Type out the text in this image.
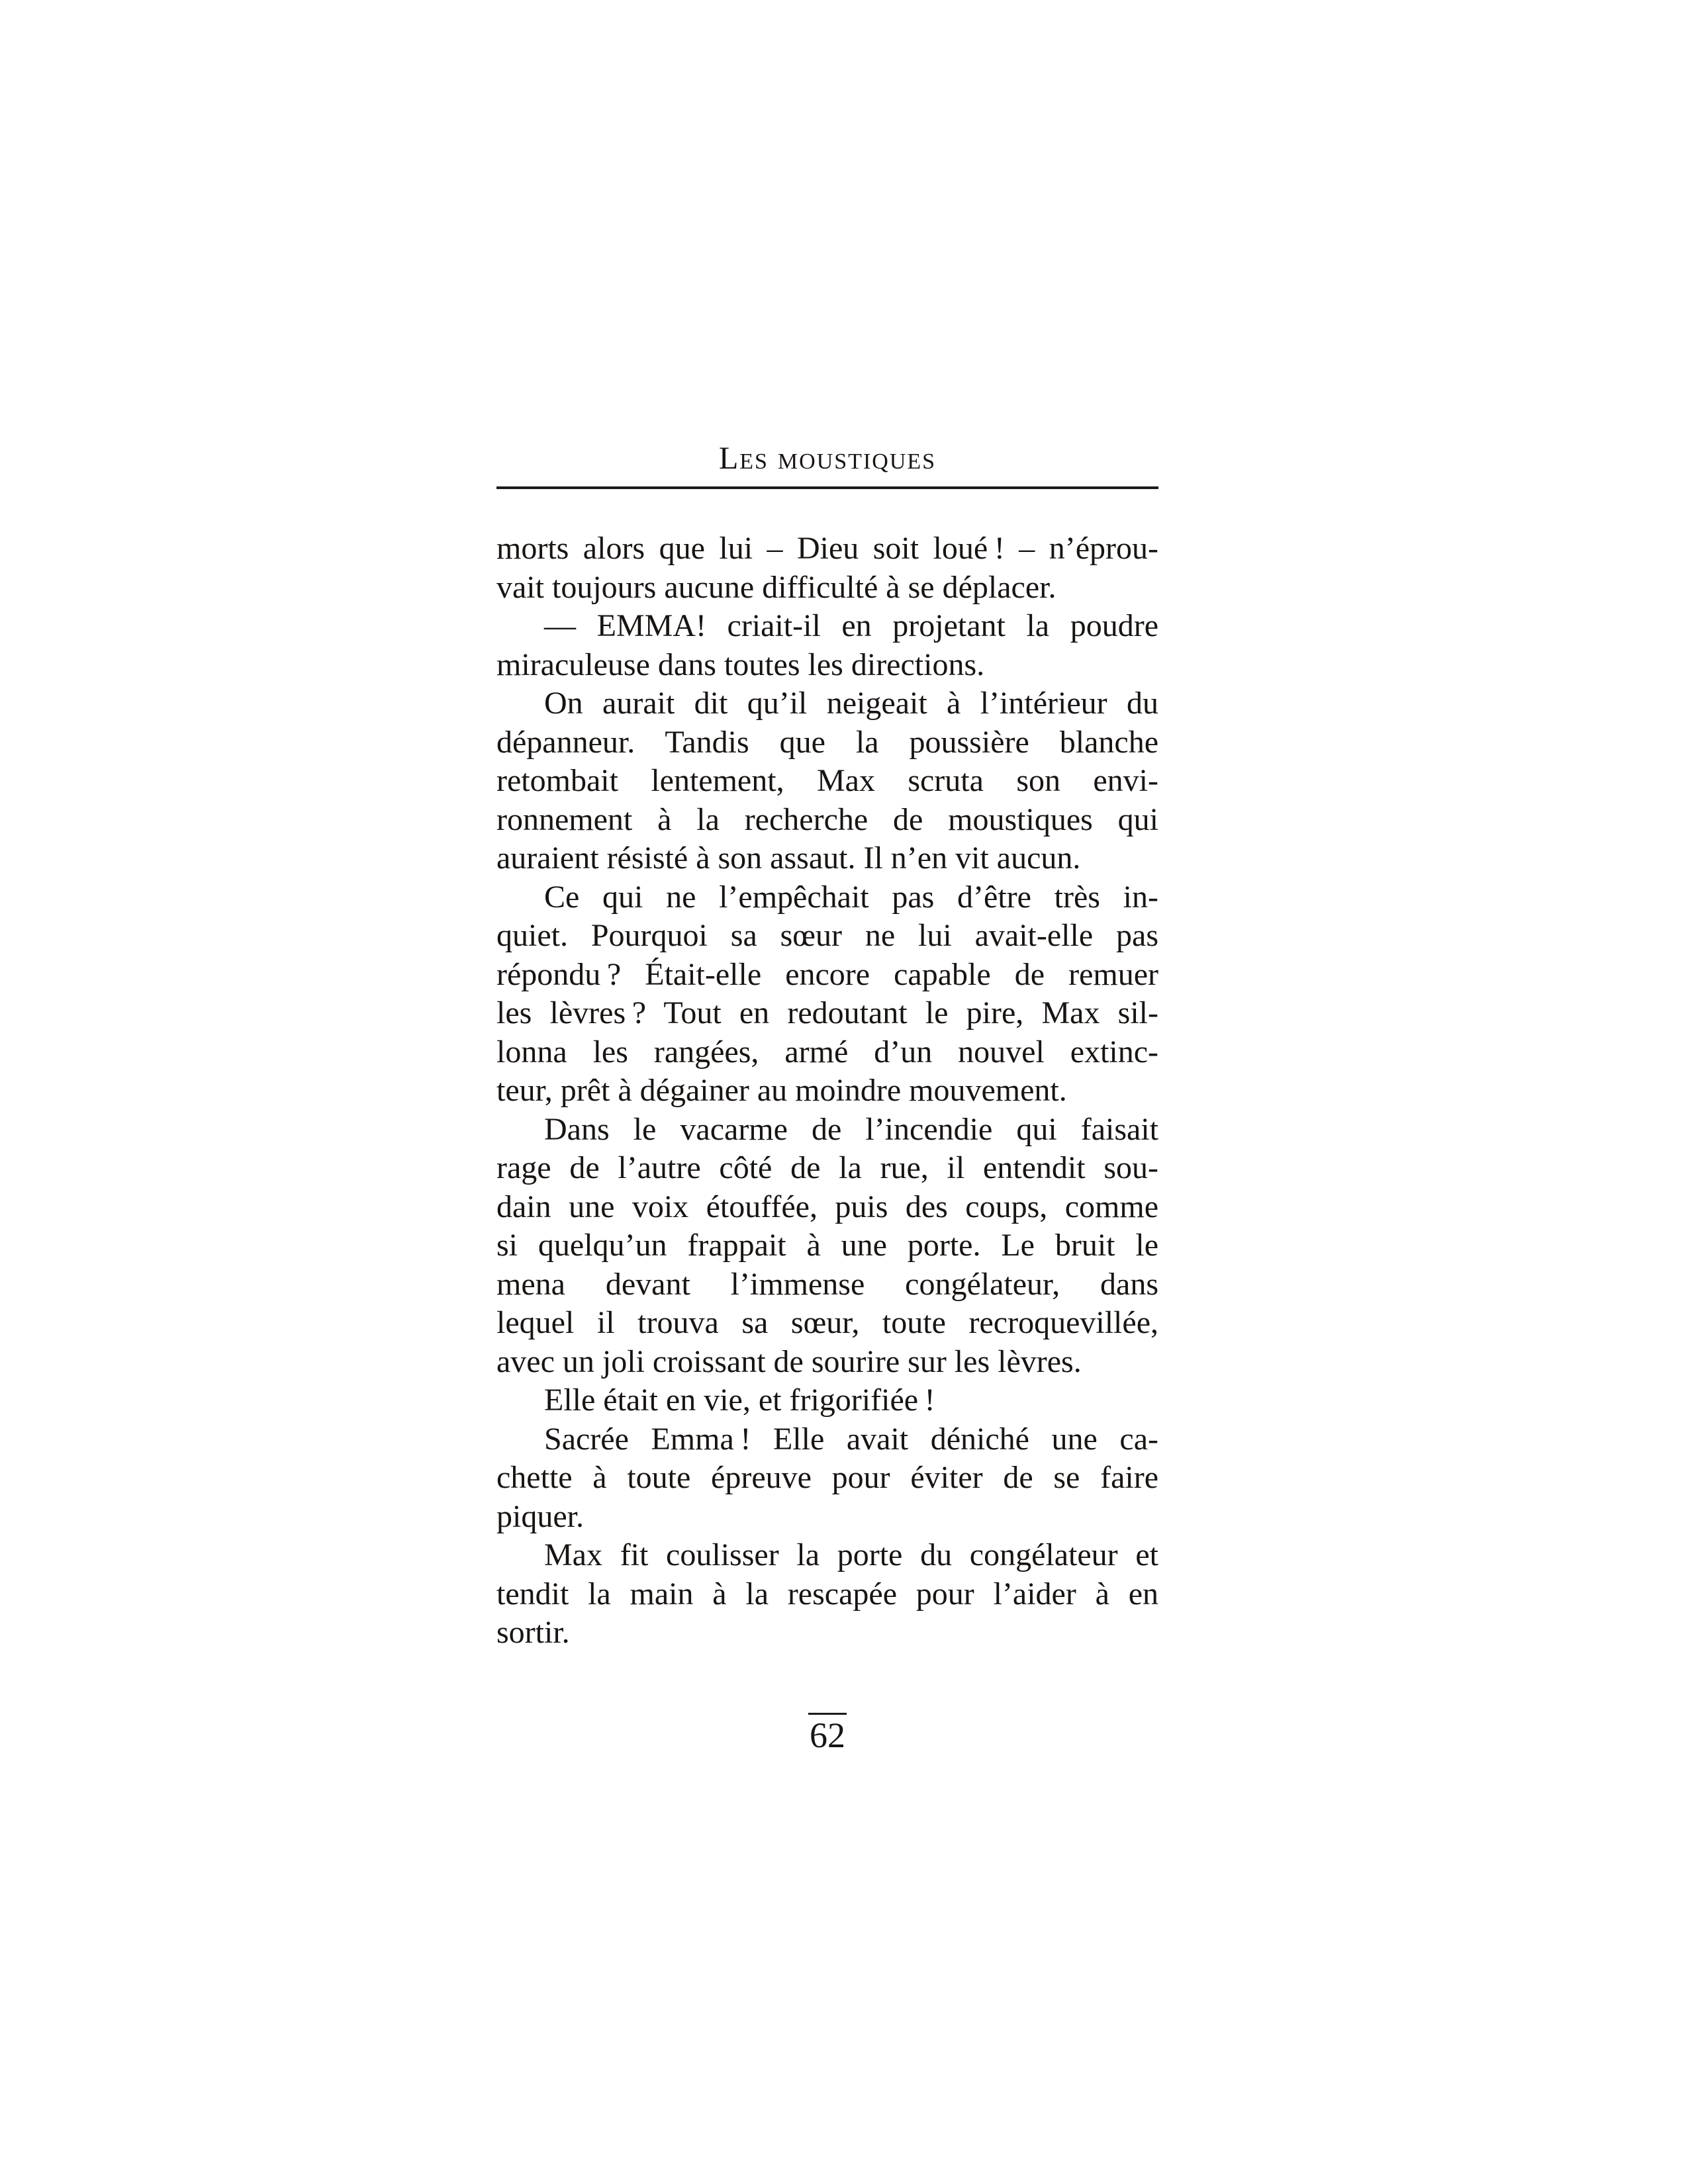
Les moustiques
morts alors que lui – Dieu soit loué ! – n’éprou-
vait toujours aucune difficulté à se déplacer.
— EMMA! criait-il en projetant la poudre
miraculeuse dans toutes les directions.
On aurait dit qu’il neigeait à l’intérieur du
dépanneur. Tandis que la poussière blanche
retombait lentement, Max scruta son envi-
ronnement à la recherche de moustiques qui
auraient résisté à son assaut. Il n’en vit aucun.
Ce qui ne l’empêchait pas d’être très in-
quiet. Pourquoi sa sœur ne lui avait-elle pas
répondu ? Était-elle encore capable de remuer
les lèvres ? Tout en redoutant le pire, Max sil-
lonna les rangées, armé d’un nouvel extinc-
teur, prêt à dégainer au moindre mouvement.
Dans le vacarme de l’incendie qui faisait
rage de l’autre côté de la rue, il entendit sou-
dain une voix étouffée, puis des coups, comme
si quelqu’un frappait à une porte. Le bruit le
mena devant l’immense congélateur, dans
lequel il trouva sa sœur, toute recroquevillée,
avec un joli croissant de sourire sur les lèvres.
Elle était en vie, et frigorifiée !
Sacrée Emma ! Elle avait déniché une ca-
chette à toute épreuve pour éviter de se faire
piquer.
Max fit coulisser la porte du congélateur et
tendit la main à la rescapée pour l’aider à en
sortir.
62
